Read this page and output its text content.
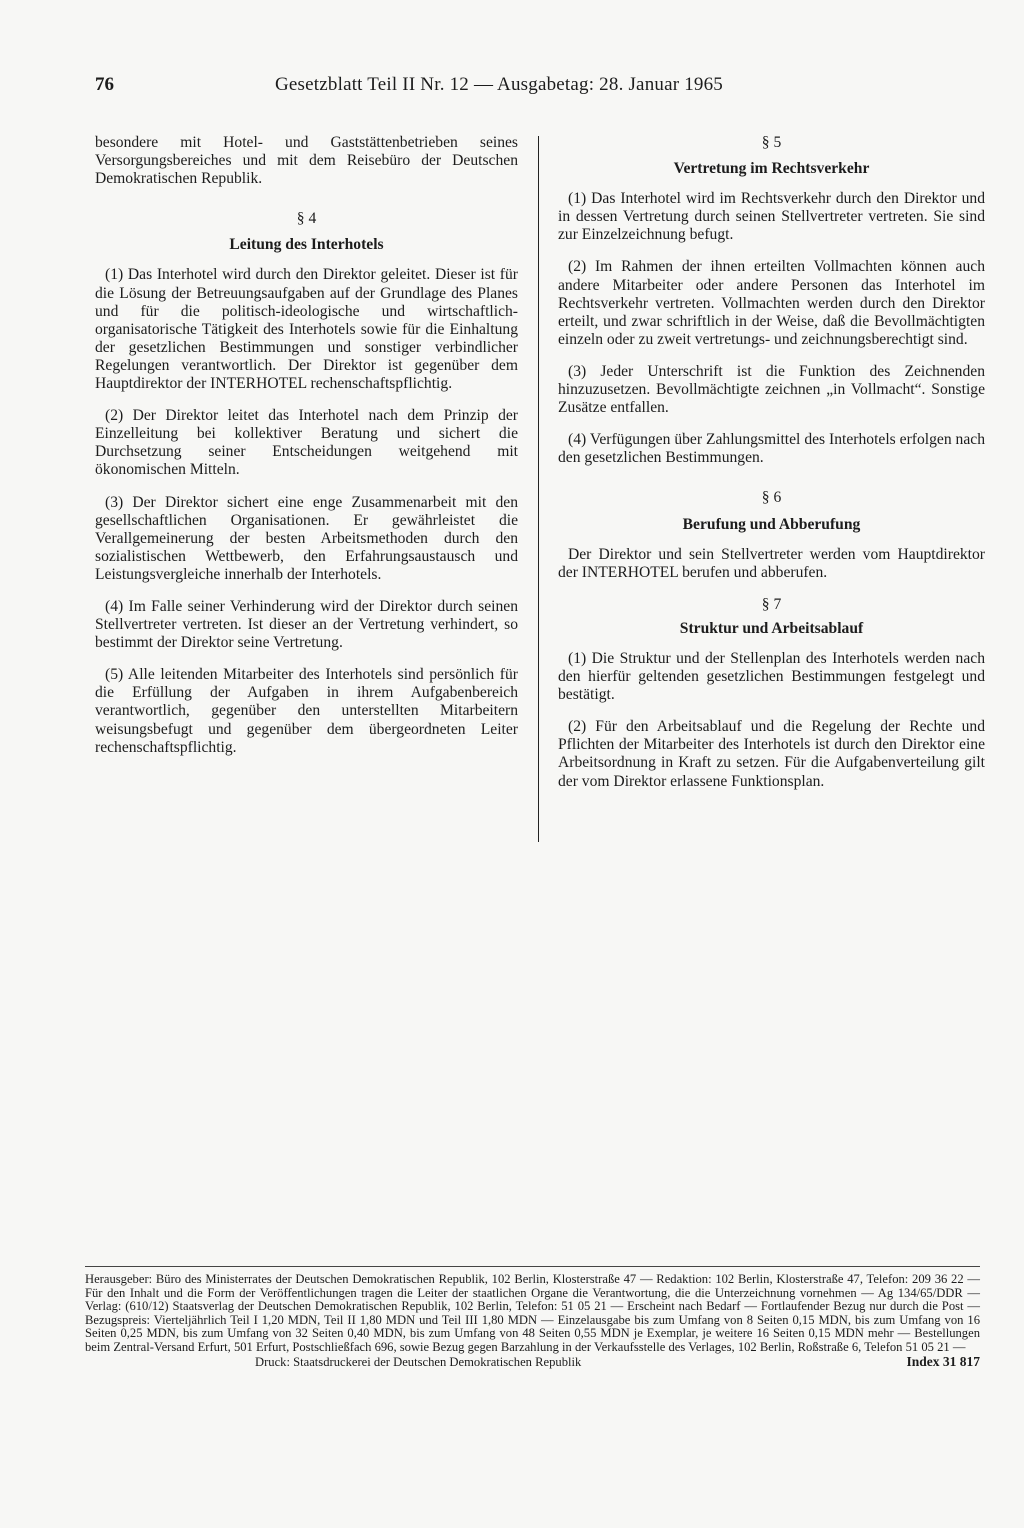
76	Gesetzblatt Teil II Nr. 12 — Ausgabetag: 28. Januar 1965

besondere mit Hotel- und Gaststättenbetrieben seines Versorgungsbereiches und mit dem Reisebüro der Deutschen Demokratischen Republik.

§ 4
Leitung des Interhotels

(1) Das Interhotel wird durch den Direktor geleitet. Dieser ist für die Lösung der Betreuungsaufgaben auf der Grundlage des Planes und für die politisch-ideologische und wirtschaftlich-organisatorische Tätigkeit des Interhotels sowie für die Einhaltung der gesetzlichen Bestimmungen und sonstiger verbindlicher Regelungen verantwortlich. Der Direktor ist gegenüber dem Hauptdirektor der INTERHOTEL rechenschaftspflichtig.

(2) Der Direktor leitet das Interhotel nach dem Prinzip der Einzelleitung bei kollektiver Beratung und sichert die Durchsetzung seiner Entscheidungen weitgehend mit ökonomischen Mitteln.

(3) Der Direktor sichert eine enge Zusammenarbeit mit den gesellschaftlichen Organisationen. Er gewährleistet die Verallgemeinerung der besten Arbeitsmethoden durch den sozialistischen Wettbewerb, den Erfahrungsaustausch und Leistungsvergleiche innerhalb der Interhotels.

(4) Im Falle seiner Verhinderung wird der Direktor durch seinen Stellvertreter vertreten. Ist dieser an der Vertretung verhindert, so bestimmt der Direktor seine Vertretung.

(5) Alle leitenden Mitarbeiter des Interhotels sind persönlich für die Erfüllung der Aufgaben in ihrem Aufgabenbereich verantwortlich, gegenüber den unterstellten Mitarbeitern weisungsbefugt und gegenüber dem übergeordneten Leiter rechenschaftspflichtig.

§ 5
Vertretung im Rechtsverkehr

(1) Das Interhotel wird im Rechtsverkehr durch den Direktor und in dessen Vertretung durch seinen Stellvertreter vertreten. Sie sind zur Einzelzeichnung befugt.

(2) Im Rahmen der ihnen erteilten Vollmachten können auch andere Mitarbeiter oder andere Personen das Interhotel im Rechtsverkehr vertreten. Vollmachten werden durch den Direktor erteilt, und zwar schriftlich in der Weise, daß die Bevollmächtigten einzeln oder zu zweit vertretungs- und zeichnungsberechtigt sind.

(3) Jeder Unterschrift ist die Funktion des Zeichnenden hinzuzusetzen. Bevollmächtigte zeichnen „in Vollmacht“. Sonstige Zusätze entfallen.

(4) Verfügungen über Zahlungsmittel des Interhotels erfolgen nach den gesetzlichen Bestimmungen.

§ 6
Berufung und Abberufung

Der Direktor und sein Stellvertreter werden vom Hauptdirektor der INTERHOTEL berufen und abberufen.

§ 7
Struktur und Arbeitsablauf

(1) Die Struktur und der Stellenplan des Interhotels werden nach den hierfür geltenden gesetzlichen Bestimmungen festgelegt und bestätigt.

(2) Für den Arbeitsablauf und die Regelung der Rechte und Pflichten der Mitarbeiter des Interhotels ist durch den Direktor eine Arbeitsordnung in Kraft zu setzen. Für die Aufgabenverteilung gilt der vom Direktor erlassene Funktionsplan.

Herausgeber: Büro des Ministerrates der Deutschen Demokratischen Republik, 102 Berlin, Klosterstraße 47 — Redaktion: 102 Berlin, Klosterstraße 47, Telefon: 209 36 22 — Für den Inhalt und die Form der Veröffentlichungen tragen die Leiter der staatlichen Organe die Verantwortung, die die Unterzeichnung vornehmen — Ag 134/65/DDR — Verlag: (610/12) Staatsverlag der Deutschen Demokratischen Republik, 102 Berlin, Telefon: 51 05 21 — Erscheint nach Bedarf — Fortlaufender Bezug nur durch die Post — Bezugspreis: Vierteljährlich Teil I 1,20 MDN, Teil II 1,80 MDN und Teil III 1,80 MDN — Einzelausgabe bis zum Umfang von 8 Seiten 0,15 MDN, bis zum Umfang von 16 Seiten 0,25 MDN, bis zum Umfang von 32 Seiten 0,40 MDN, bis zum Umfang von 48 Seiten 0,55 MDN je Exemplar, je weitere 16 Seiten 0,15 MDN mehr — Bestellungen beim Zentral-Versand Erfurt, 501 Erfurt, Postschließfach 696, sowie Bezug gegen Barzahlung in der Verkaufsstelle des Verlages, 102 Berlin, Roßstraße 6, Telefon 51 05 21 —

Druck: Staatsdruckerei der Deutschen Demokratischen Republik	Index 31 817
